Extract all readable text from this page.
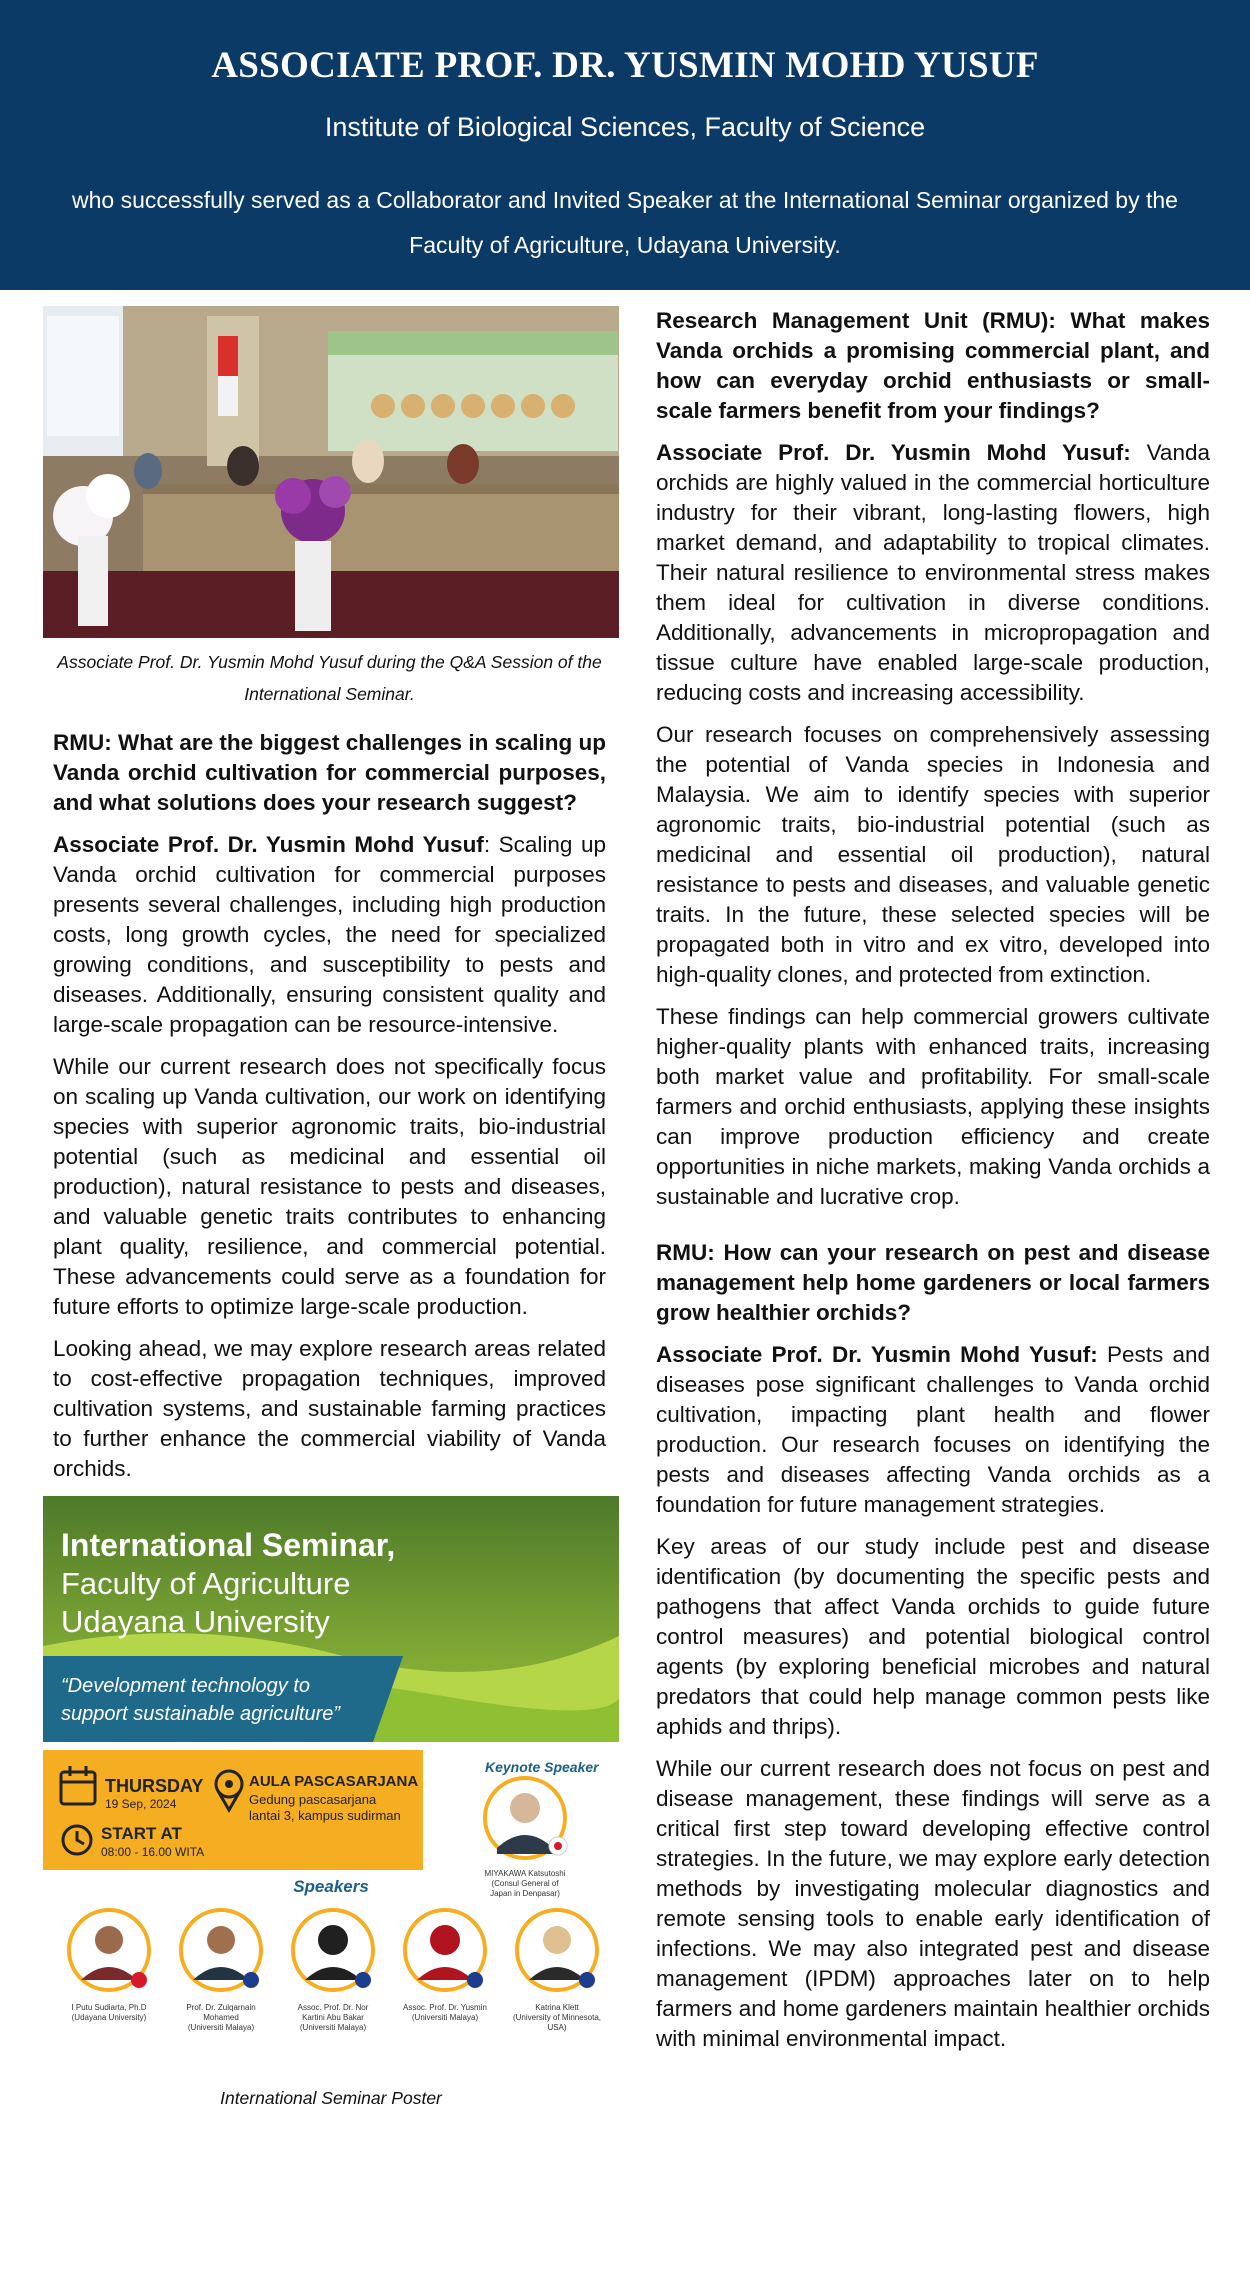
ASSOCIATE PROF. DR. YUSMIN MOHD YUSUF
Institute of Biological Sciences, Faculty of Science
who successfully served as a Collaborator and Invited Speaker at the International Seminar organized by the Faculty of Agriculture, Udayana University.
Associate Prof. Dr. Yusmin Mohd Yusuf during the Q&A Session of the International Seminar.
RMU: What are the biggest challenges in scaling up Vanda orchid cultivation for commercial purposes, and what solutions does your research suggest?
Associate Prof. Dr. Yusmin Mohd Yusuf: Scaling up Vanda orchid cultivation for commercial purposes presents several challenges, including high production costs, long growth cycles, the need for specialized growing conditions, and susceptibility to pests and diseases. Additionally, ensuring consistent quality and large-scale propagation can be resource-intensive.
While our current research does not specifically focus on scaling up Vanda cultivation, our work on identifying species with superior agronomic traits, bio-industrial potential (such as medicinal and essential oil production), natural resistance to pests and diseases, and valuable genetic traits contributes to enhancing plant quality, resilience, and commercial potential. These advancements could serve as a foundation for future efforts to optimize large-scale production.
Looking ahead, we may explore research areas related to cost-effective propagation techniques, improved cultivation systems, and sustainable farming practices to further enhance the commercial viability of Vanda orchids.
International Seminar,
Faculty of Agriculture
Udayana University
“Development technology to
support sustainable agriculture”
Keynote Speaker
THURSDAY
19 Sep, 2024
AULA PASCASARJANA
Gedung pascasarjana
lantai 3, kampus sudirman
START AT
08:00 - 16.00 WITA
MIYAKAWA Katsutoshi
(Consul General of
Japan in Denpasar)
Speakers
I Putu Sudiarta, Ph.D
(Udayana University)
Prof. Dr. Zulqarnain
Mohamed
(Universiti Malaya)
Assoc. Prof. Dr. Nor
Kartini Abu Bakar
(Universiti Malaya)
Assoc. Prof. Dr. Yusmin
(Universiti Malaya)
Katrina Klett
(University of Minnesota,
USA)
International Seminar Poster
Research Management Unit (RMU): What makes Vanda orchids a promising commercial plant, and how can everyday orchid enthusiasts or small-scale farmers benefit from your findings?
Associate Prof. Dr. Yusmin Mohd Yusuf: Vanda orchids are highly valued in the commercial horticulture industry for their vibrant, long-lasting flowers, high market demand, and adaptability to tropical climates. Their natural resilience to environmental stress makes them ideal for cultivation in diverse conditions. Additionally, advancements in micropropagation and tissue culture have enabled large-scale production, reducing costs and increasing accessibility.
Our research focuses on comprehensively assessing the potential of Vanda species in Indonesia and Malaysia. We aim to identify species with superior agronomic traits, bio-industrial potential (such as medicinal and essential oil production), natural resistance to pests and diseases, and valuable genetic traits. In the future, these selected species will be propagated both in vitro and ex vitro, developed into high-quality clones, and protected from extinction.
These findings can help commercial growers cultivate higher-quality plants with enhanced traits, increasing both market value and profitability. For small-scale farmers and orchid enthusiasts, applying these insights can improve production efficiency and create opportunities in niche markets, making Vanda orchids a sustainable and lucrative crop.
RMU: How can your research on pest and disease management help home gardeners or local farmers grow healthier orchids?
Associate Prof. Dr. Yusmin Mohd Yusuf: Pests and diseases pose significant challenges to Vanda orchid cultivation, impacting plant health and flower production. Our research focuses on identifying the pests and diseases affecting Vanda orchids as a foundation for future management strategies.
Key areas of our study include pest and disease identification (by documenting the specific pests and pathogens that affect Vanda orchids to guide future control measures) and potential biological control agents (by exploring beneficial microbes and natural predators that could help manage common pests like aphids and thrips).
While our current research does not focus on pest and disease management, these findings will serve as a critical first step toward developing effective control strategies. In the future, we may explore early detection methods by investigating molecular diagnostics and remote sensing tools to enable early identification of infections. We may also integrated pest and disease management (IPDM) approaches later on to help farmers and home gardeners maintain healthier orchids with minimal environmental impact.
